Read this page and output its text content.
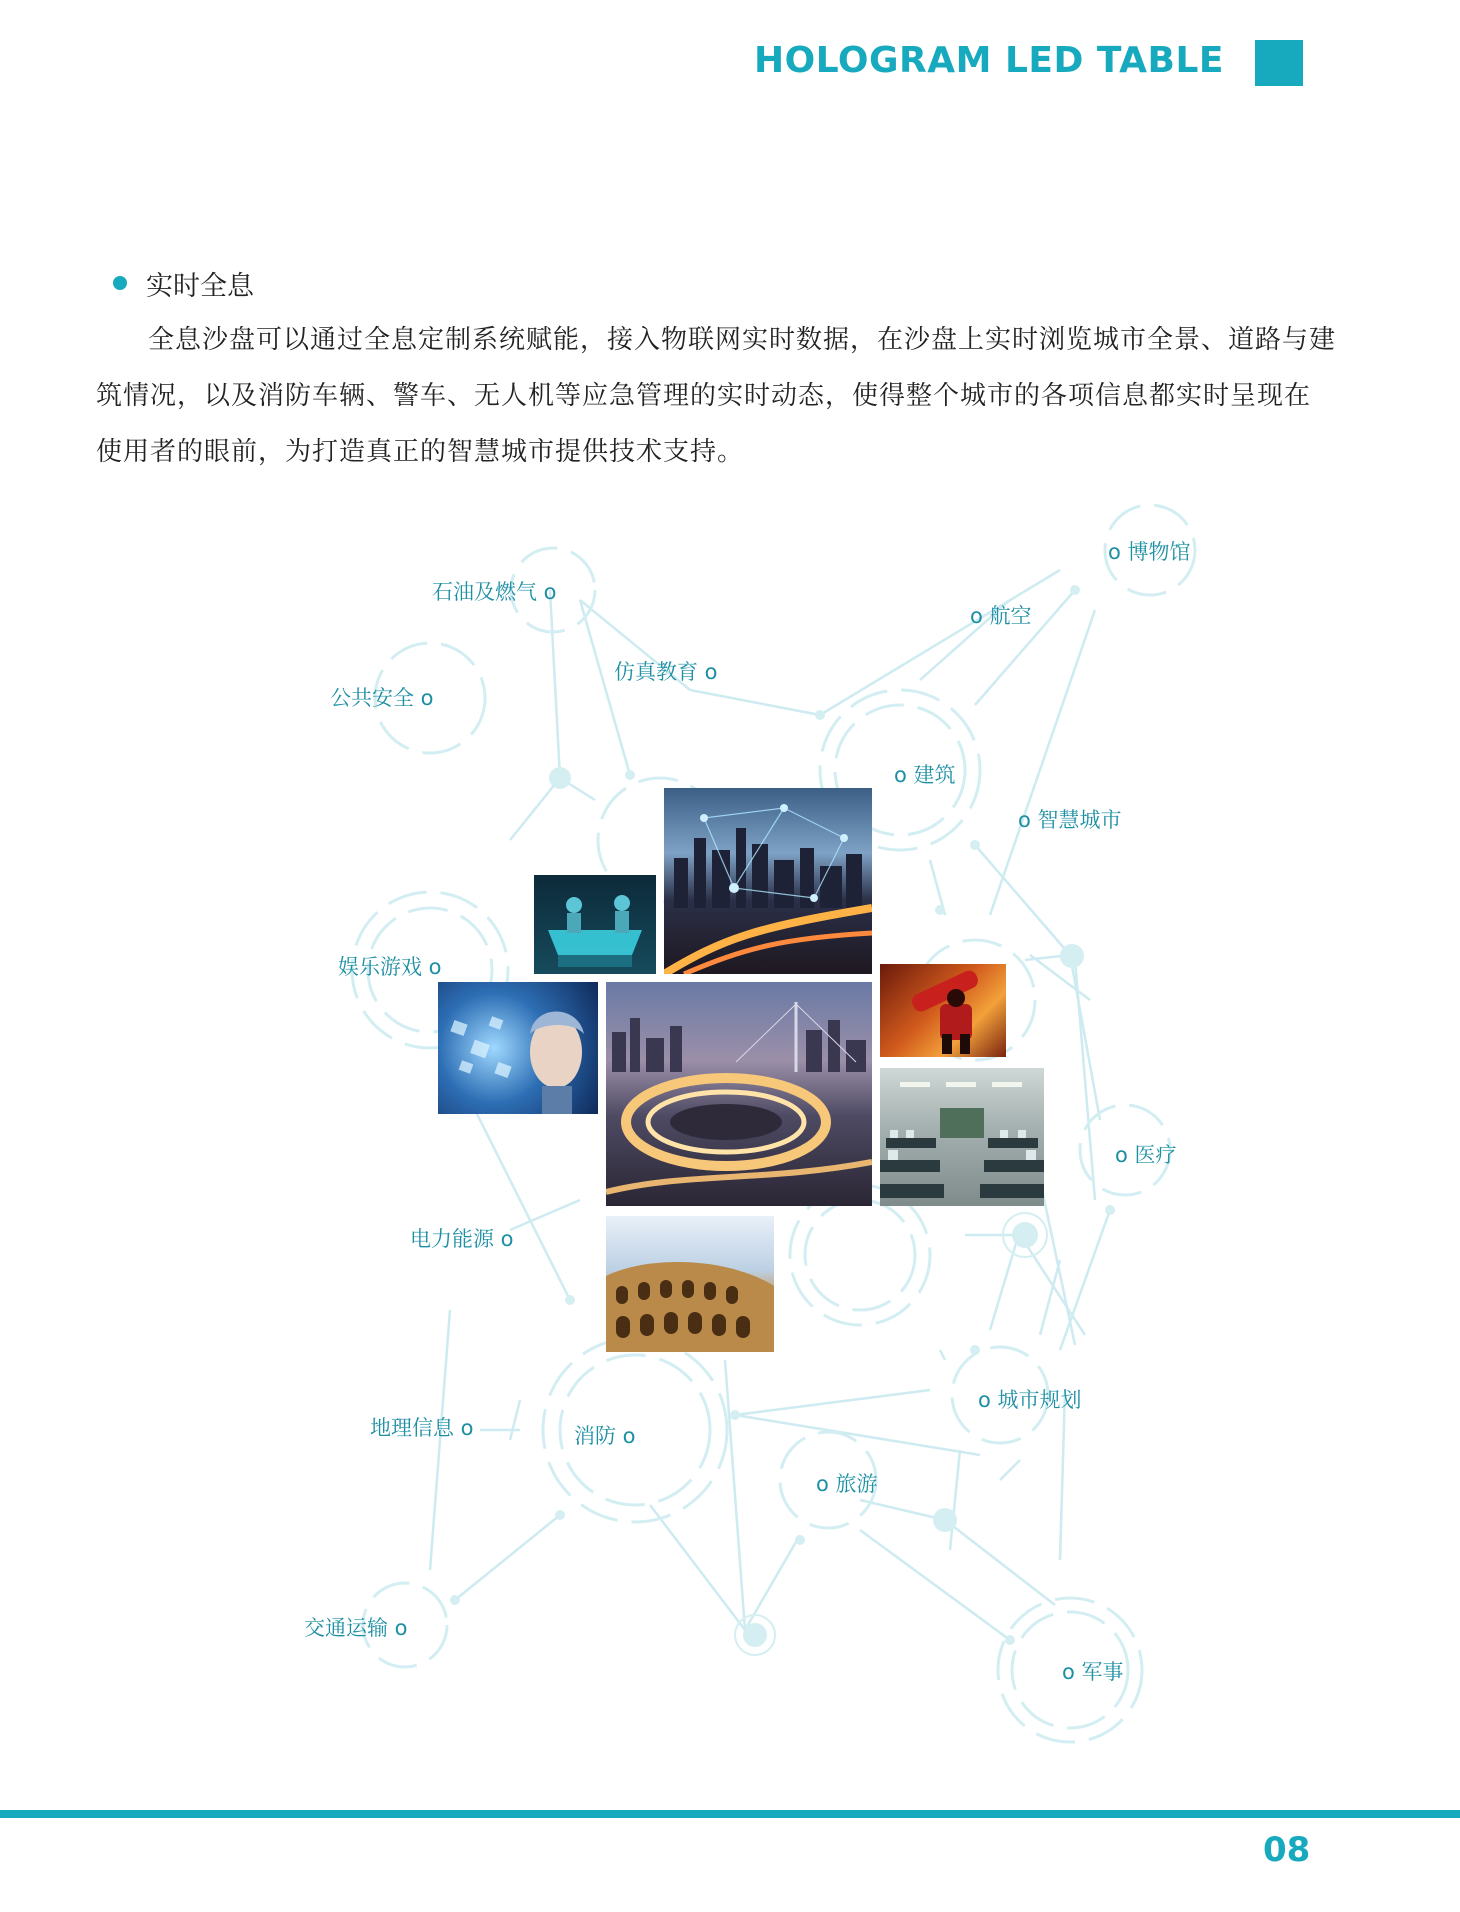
HOLOGRAM LED TABLE
实时全息

全息沙盘可以通过全息定制系统赋能，接入物联网实时数据，在沙盘上实时浏览城市全景、道路与建筑情况，以及消防车辆、警车、无人机等应急管理的实时动态，使得整个城市的各项信息都实时呈现在使用者的眼前，为打造真正的智慧城市提供技术支持。

o 博物馆
石油及燃气 o
o 航空
仿真教育 o
公共安全 o
o 建筑
o 智慧城市
娱乐游戏 o
o 医疗
电力能源 o
o 城市规划
地理信息 o	消防 o
o 旅游
交通运输 o
o 军事
08
